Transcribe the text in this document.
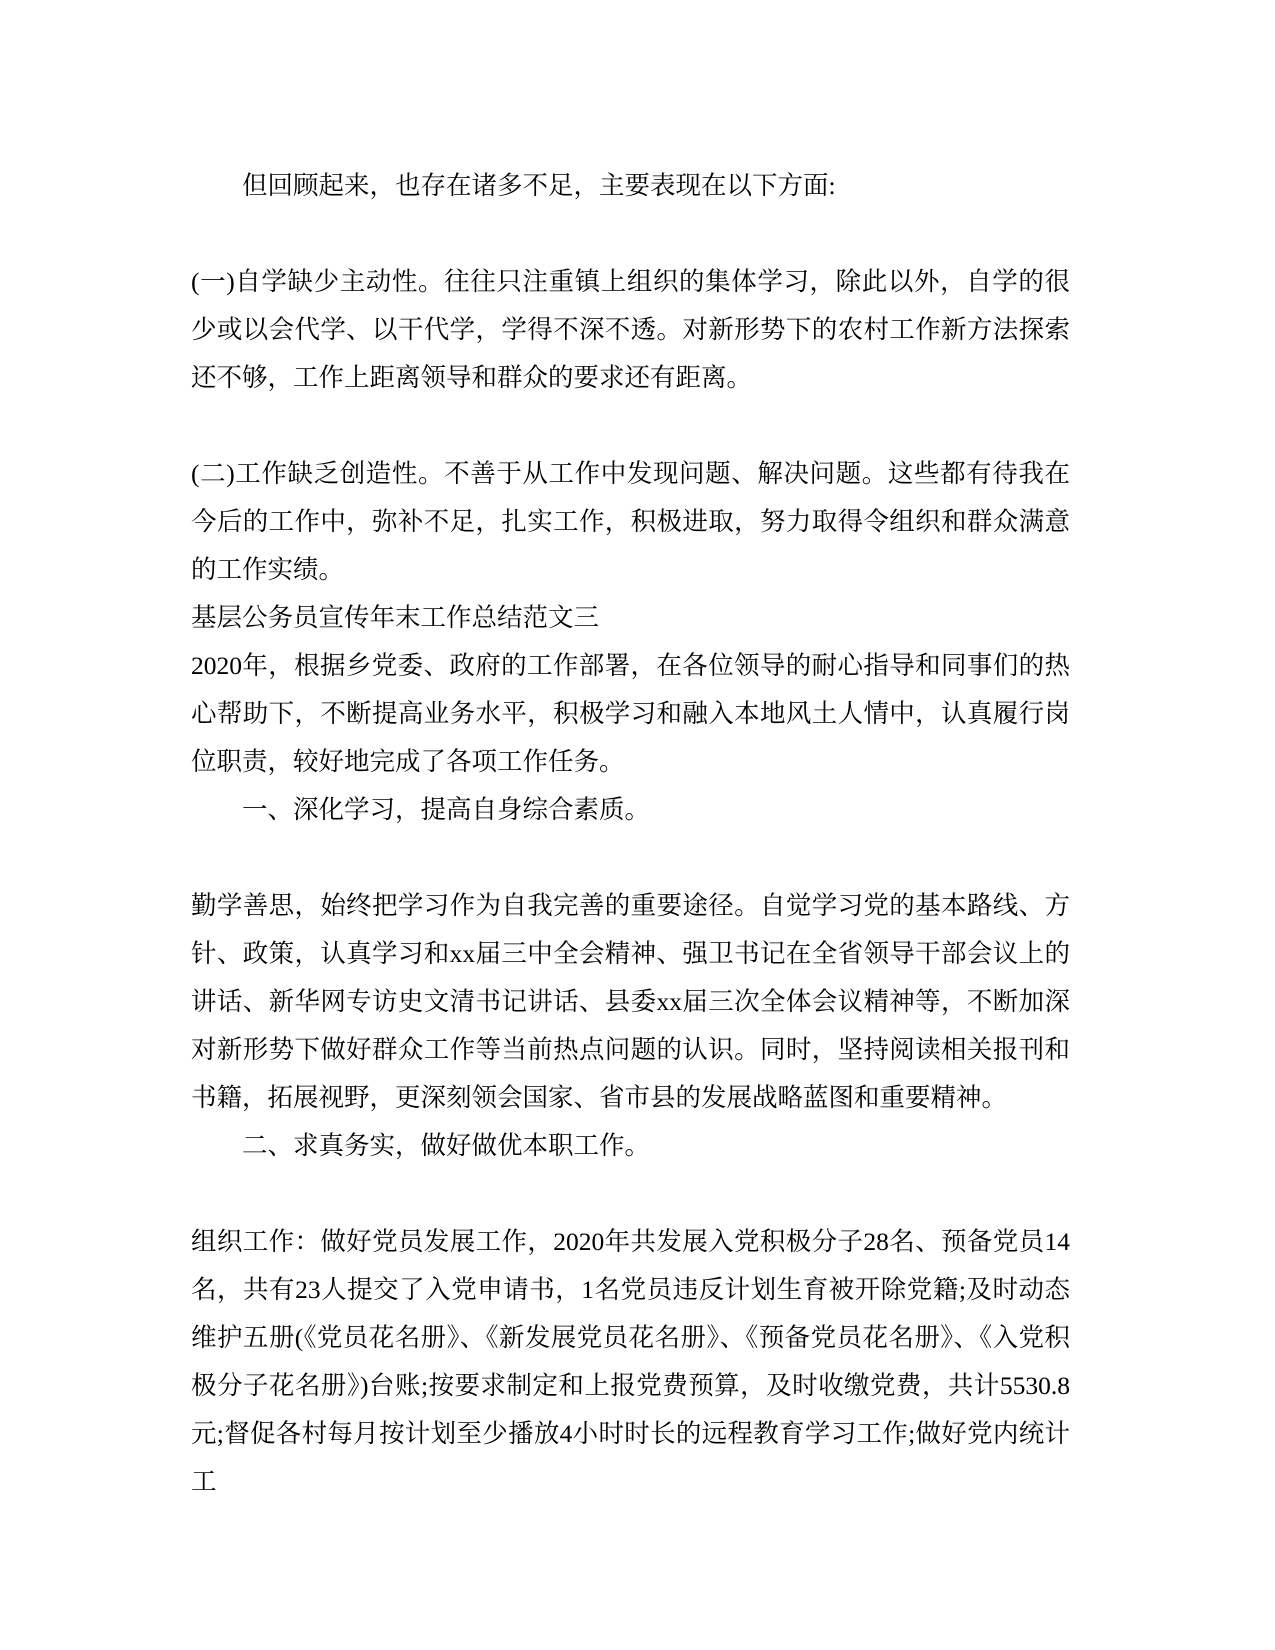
但回顾起来，也存在诸多不足，主要表现在以下方面:

(一)自学缺少主动性。往往只注重镇上组织的集体学习，除此以外，自学的很少或以会代学、以干代学，学得不深不透。对新形势下的农村工作新方法探索还不够，工作上距离领导和群众的要求还有距离。

(二)工作缺乏创造性。不善于从工作中发现问题、解决问题。这些都有待我在今后的工作中，弥补不足，扎实工作，积极进取，努力取得令组织和群众满意的工作实绩。

基层公务员宣传年末工作总结范文三

2020年，根据乡党委、政府的工作部署，在各位领导的耐心指导和同事们的热心帮助下，不断提高业务水平，积极学习和融入本地风土人情中，认真履行岗位职责，较好地完成了各项工作任务。

一、深化学习，提高自身综合素质。

勤学善思，始终把学习作为自我完善的重要途径。自觉学习党的基本路线、方针、政策，认真学习和xx届三中全会精神、强卫书记在全省领导干部会议上的讲话、新华网专访史文清书记讲话、县委xx届三次全体会议精神等，不断加深对新形势下做好群众工作等当前热点问题的认识。同时，坚持阅读相关报刊和书籍，拓展视野，更深刻领会国家、省市县的发展战略蓝图和重要精神。

二、求真务实，做好做优本职工作。

组织工作：做好党员发展工作，2020年共发展入党积极分子28名、预备党员14名，共有23人提交了入党申请书，1名党员违反计划生育被开除党籍;及时动态维护五册(《党员花名册》、《新发展党员花名册》、《预备党员花名册》、《入党积极分子花名册》)台账;按要求制定和上报党费预算，及时收缴党费，共计5530.8元;督促各村每月按计划至少播放4小时时长的远程教育学习工作;做好党内统计工
